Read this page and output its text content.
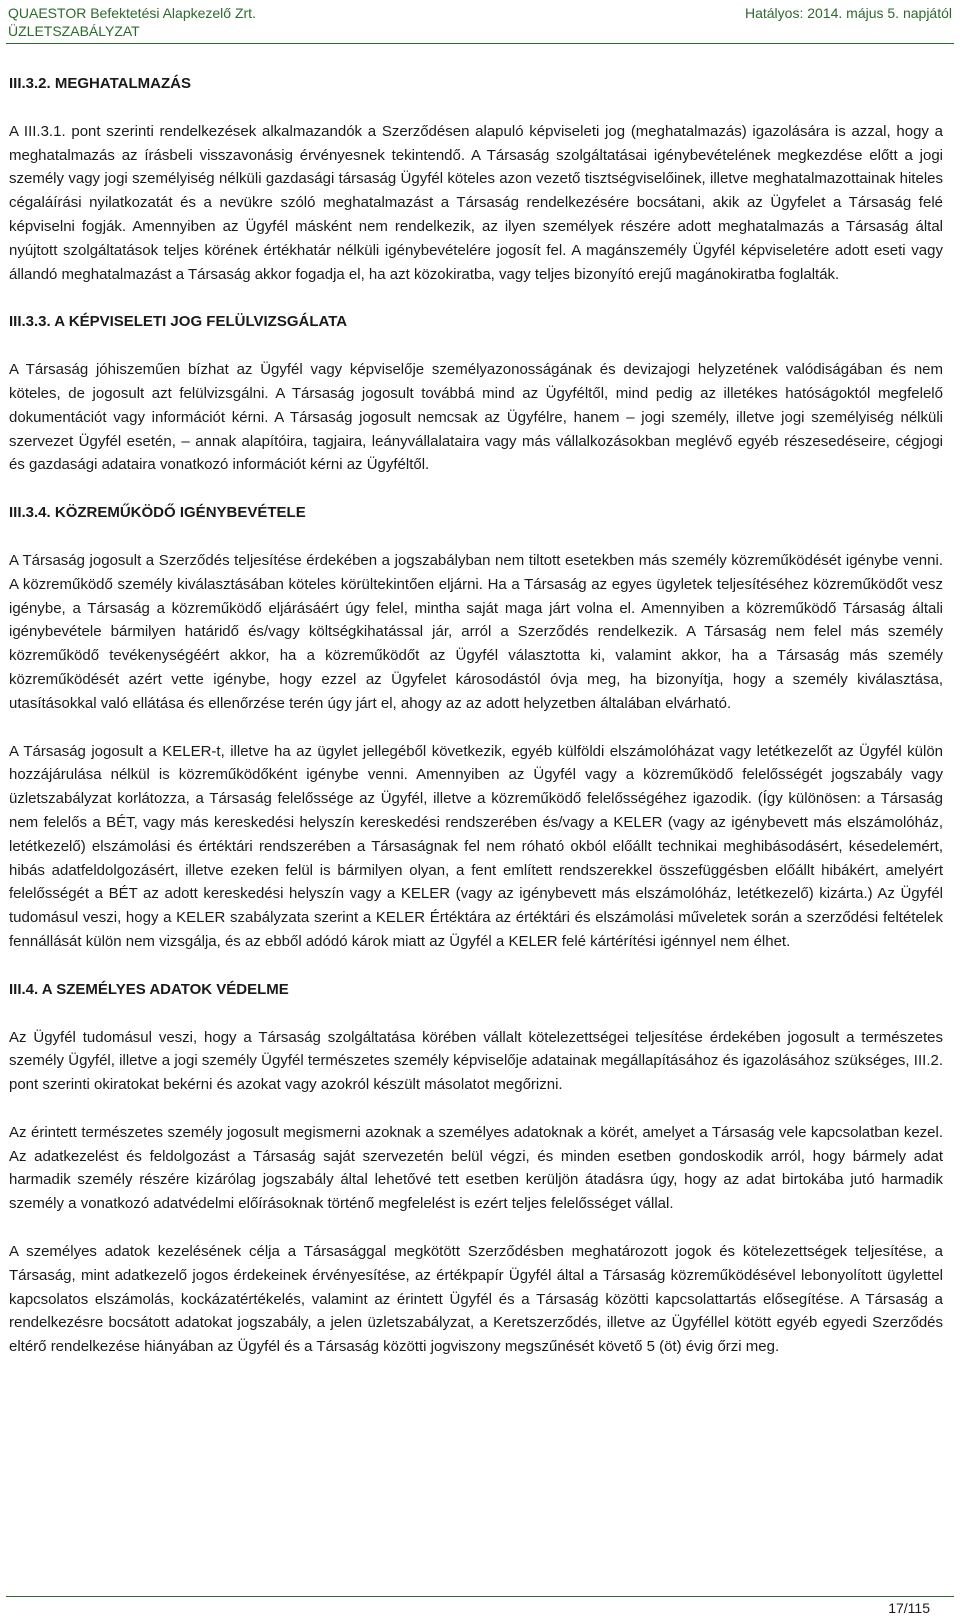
QUAESTOR Befektetési Alapkezelő Zrt.
ÜZLETSZABÁLYZAT
Hatályos: 2014. május 5. napjától
III.3.2. MEGHATALMAZÁS

A III.3.1. pont szerinti rendelkezések alkalmazandók a Szerződésen alapuló képviseleti jog (meghatalmazás) igazolására is azzal, hogy a meghatalmazás az írásbeli visszavonásig érvényesnek tekintendő. A Társaság szolgáltatásai igénybevételének megkezdése előtt a jogi személy vagy jogi személyiség nélküli gazdasági társaság Ügyfél köteles azon vezető tisztségviselőinek, illetve meghatalmazottainak hiteles cégaláírási nyilatkozatát és a nevükre szóló meghatalmazást a Társaság rendelkezésére bocsátani, akik az Ügyfelet a Társaság felé képviselni fogják. Amennyiben az Ügyfél másként nem rendelkezik, az ilyen személyek részére adott meghatalmazás a Társaság által nyújtott szolgáltatások teljes körének értékhatár nélküli igénybevételére jogosít fel. A magánszemély Ügyfél képviseletére adott eseti vagy állandó meghatalmazást a Társaság akkor fogadja el, ha azt közokiratba, vagy teljes bizonyító erejű magánokiratba foglalták.

III.3.3. A KÉPVISELETI JOG FELÜLVIZSGÁLATA

A Társaság jóhiszeműen bízhat az Ügyfél vagy képviselője személyazonosságának és devizajogi helyzetének valódiságában és nem köteles, de jogosult azt felülvizsgálni. A Társaság jogosult továbbá mind az Ügyféltől, mind pedig az illetékes hatóságoktól megfelelő dokumentációt vagy információt kérni. A Társaság jogosult nemcsak az Ügyfélre, hanem – jogi személy, illetve jogi személyiség nélküli szervezet Ügyfél esetén, – annak alapítóira, tagjaira, leányvállalataira vagy más vállalkozásokban meglévő egyéb részesedéseire, cégjogi és gazdasági adataira vonatkozó információt kérni az Ügyféltől.

III.3.4. KÖZREMŰKÖDŐ IGÉNYBEVÉTELE

A Társaság jogosult a Szerződés teljesítése érdekében a jogszabályban nem tiltott esetekben más személy közreműködését igénybe venni. A közreműködő személy kiválasztásában köteles körültekintően eljárni. Ha a Társaság az egyes ügyletek teljesítéséhez közreműködőt vesz igénybe, a Társaság a közreműködő eljárásáért úgy felel, mintha saját maga járt volna el. Amennyiben a közreműködő Társaság általi igénybevétele bármilyen határidő és/vagy költségkihatással jár, arról a Szerződés rendelkezik. A Társaság nem felel más személy közreműködő tevékenységéért akkor, ha a közreműködőt az Ügyfél választotta ki, valamint akkor, ha a Társaság más személy közreműködését azért vette igénybe, hogy ezzel az Ügyfelet károsodástól óvja meg, ha bizonyítja, hogy a személy kiválasztása, utasításokkal való ellátása és ellenőrzése terén úgy járt el, ahogy az az adott helyzetben általában elvárható.

A Társaság jogosult a KELER-t, illetve ha az ügylet jellegéből következik, egyéb külföldi elszámolóházat vagy letétkezelőt az Ügyfél külön hozzájárulása nélkül is közreműködőként igénybe venni. Amennyiben az Ügyfél vagy a közreműködő felelősségét jogszabály vagy üzletszabályzat korlátozza, a Társaság felelőssége az Ügyfél, illetve a közreműködő felelősségéhez igazodik. (Így különösen: a Társaság nem felelős a BÉT, vagy más kereskedési helyszín kereskedési rendszerében és/vagy a KELER (vagy az igénybevett más elszámolóház, letétkezelő) elszámolási és értéktári rendszerében a Társaságnak fel nem róható okból előállt technikai meghibásodásért, késedelemért, hibás adatfeldolgozásért, illetve ezeken felül is bármilyen olyan, a fent említett rendszerekkel összefüggésben előállt hibákért, amelyért felelősségét a BÉT az adott kereskedési helyszín vagy a KELER (vagy az igénybevett más elszámolóház, letétkezelő) kizárta.) Az Ügyfél tudomásul veszi, hogy a KELER szabályzata szerint a KELER Értéktára az értéktári és elszámolási műveletek során a szerződési feltételek fennállását külön nem vizsgálja, és az ebből adódó károk miatt az Ügyfél a KELER felé kártérítési igénnyel nem élhet.

III.4. A SZEMÉLYES ADATOK VÉDELME

Az Ügyfél tudomásul veszi, hogy a Társaság szolgáltatása körében vállalt kötelezettségei teljesítése érdekében jogosult a természetes személy Ügyfél, illetve a jogi személy Ügyfél természetes személy képviselője adatainak megállapításához és igazolásához szükséges, III.2. pont szerinti okiratokat bekérni és azokat vagy azokról készült másolatot megőrizni.

Az érintett természetes személy jogosult megismerni azoknak a személyes adatoknak a körét, amelyet a Társaság vele kapcsolatban kezel. Az adatkezelést és feldolgozást a Társaság saját szervezetén belül végzi, és minden esetben gondoskodik arról, hogy bármely adat harmadik személy részére kizárólag jogszabály által lehetővé tett esetben kerüljön átadásra úgy, hogy az adat birtokába jutó harmadik személy a vonatkozó adatvédelmi előírásoknak történő megfelelést is ezért teljes felelősséget vállal.

A személyes adatok kezelésének célja a Társasággal megkötött Szerződésben meghatározott jogok és kötelezettségek teljesítése, a Társaság, mint adatkezelő jogos érdekeinek érvényesítése, az értékpapír Ügyfél által a Társaság közreműködésével lebonyolított ügylettel kapcsolatos elszámolás, kockázatértékelés, valamint az érintett Ügyfél és a Társaság közötti kapcsolattartás elősegítése. A Társaság a rendelkezésre bocsátott adatokat jogszabály, a jelen üzletszabályzat, a Keretszerződés, illetve az Ügyféllel kötött egyéb egyedi Szerződés eltérő rendelkezése hiányában az Ügyfél és a Társaság közötti jogviszony megszűnését követő 5 (öt) évig őrzi meg.

17/115
